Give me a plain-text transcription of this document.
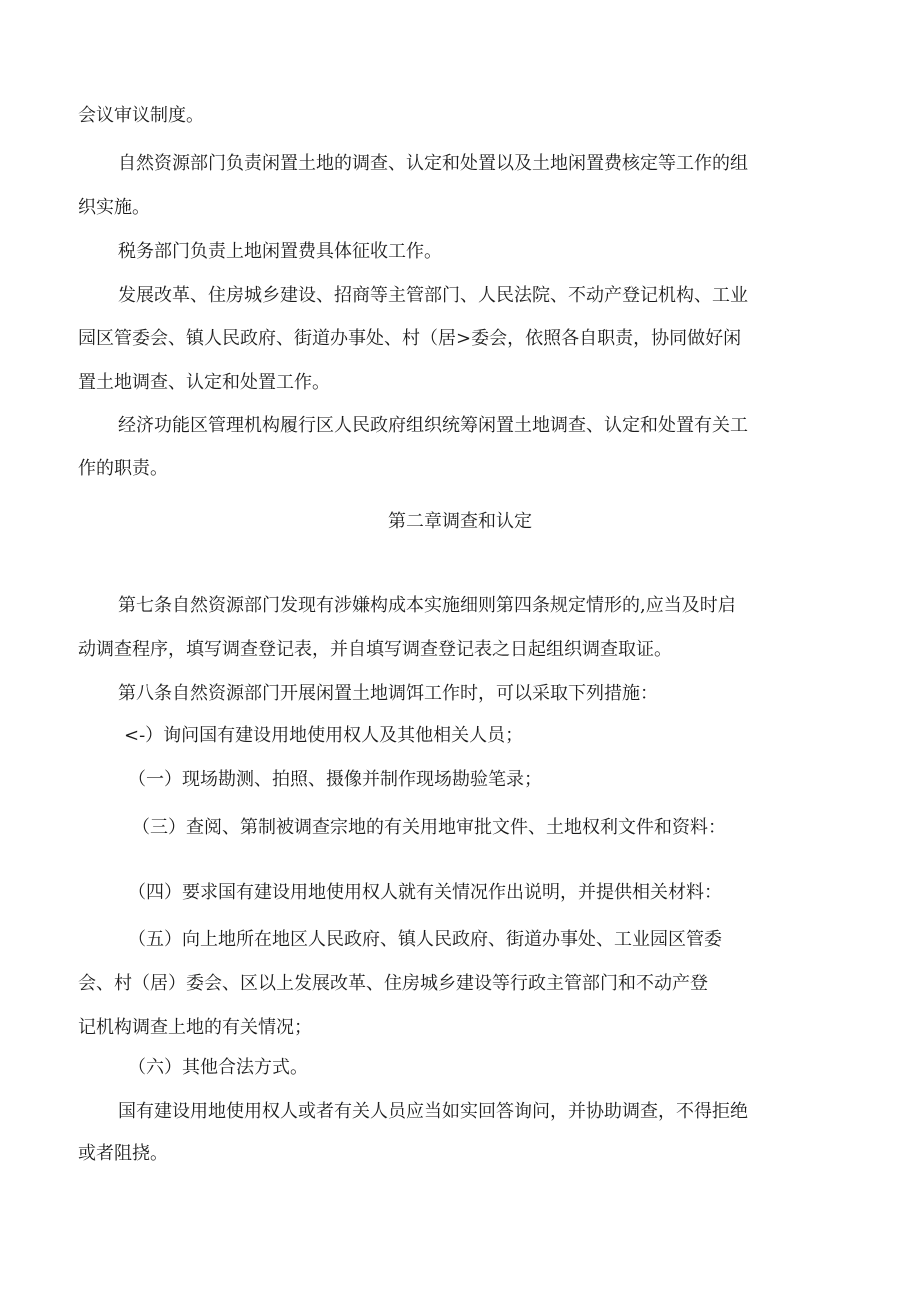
会议审议制度。
自然资源部门负责闲置土地的调查、认定和处置以及土地闲置费核定等工作的组
织实施。
税务部门负责上地闲置费具体征收工作。
发展改革、住房城乡建设、招商等主管部门、人民法院、不动产登记机构、工业
园区管委会、镇人民政府、街道办事处、村（居>委会，依照各自职责，协同做好闲
置土地调查、认定和处置工作。
经济功能区管理机构履行区人民政府组织统筹闲置土地调查、认定和处置有关工
作的职责。
第二章调查和认定
第七条自然资源部门发现有涉嫌构成本实施细则第四条规定情形的,应当及时启
动调查程序，填写调查登记表，并自填写调查登记表之日起组织调查取证。
第八条自然资源部门开展闲置土地调饵工作时，可以采取下列措施：
<-）询问国有建设用地使用权人及其他相关人员；
（一）现场勘测、拍照、摄像并制作现场勘验笔录；
（三）查阅、第制被调查宗地的有关用地审批文件、土地权利文件和资料：
（四）要求国有建设用地使用权人就有关情况作出说明，并提供相关材料：
（五）向上地所在地区人民政府、镇人民政府、街道办事处、工业园区管委
会、村（居）委会、区以上发展改革、住房城乡建设等行政主管部门和不动产登
记机构调查上地的有关情况；
（六）其他合法方式。
国有建设用地使用权人或者有关人员应当如实回答询问，并协助调查，不得拒绝
或者阻挠。
